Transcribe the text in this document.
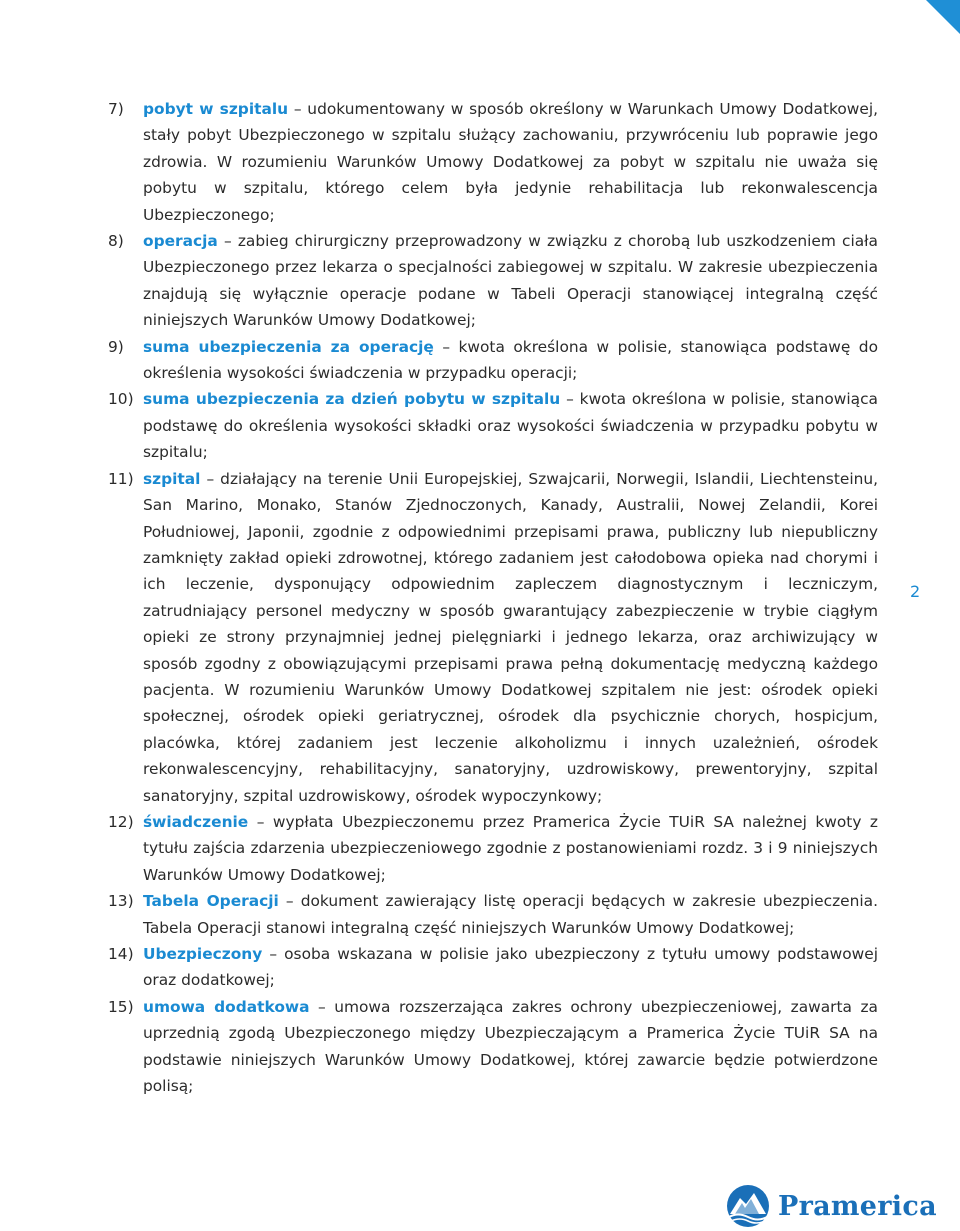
7)	pobyt w szpitalu – udokumentowany w sposób określony w Warunkach Umowy Dodatkowej, stały pobyt Ubezpieczonego w szpitalu służący zachowaniu, przywróceniu lub poprawie jego zdrowia. W rozumieniu Warunków Umowy Dodatkowej za pobyt w szpitalu nie uważa się pobytu w szpitalu, którego celem była jedynie rehabilitacja lub rekonwalescencja Ubezpieczonego;
8)	operacja – zabieg chirurgiczny przeprowadzony w związku z chorobą lub uszkodzeniem ciała Ubezpieczonego przez lekarza o specjalności zabiegowej w szpitalu. W zakresie ubezpieczenia znajdują się wyłącznie operacje podane w Tabeli Operacji stanowiącej integralną część niniejszych Warunków Umowy Dodatkowej;
9)	suma ubezpieczenia za operację – kwota określona w polisie, stanowiąca podstawę do określenia wysokości świadczenia w przypadku operacji;
10) suma ubezpieczenia za dzień pobytu w szpitalu – kwota określona w polisie, stanowiąca podstawę do określenia wysokości składki oraz wysokości świadczenia w przypadku pobytu w szpitalu;
11) szpital – działający na terenie Unii Europejskiej, Szwajcarii, Norwegii, Islandii, Liechtensteinu, San Marino, Monako, Stanów Zjednoczonych, Kanady, Australii, Nowej Zelandii, Korei Południowej, Japonii, zgodnie z odpowiednimi przepisami prawa, publiczny lub niepubliczny zamknięty zakład opieki zdrowotnej, którego zadaniem jest całodobowa opieka nad chorymi i ich leczenie, dysponujący odpowiednim zapleczem diagnostycznym i leczniczym, zatrudniający personel medyczny w sposób gwarantujący zabezpieczenie w trybie ciągłym opieki ze strony przynajmniej jednej pielęgniarki i jednego lekarza, oraz archiwizujący w sposób zgodny z obowiązującymi przepisami prawa pełną dokumentację medyczną każdego pacjenta. W rozumieniu Warunków Umowy Dodatkowej szpitalem nie jest: ośrodek opieki społecznej, ośrodek opieki geriatrycznej, ośrodek dla psychicznie chorych, hospicjum, placówka, której zadaniem jest leczenie alkoholizmu i innych uzależnień, ośrodek rekonwalescencyjny, rehabilitacyjny, sanatoryjny, uzdrowiskowy, prewentoryjny, szpital sanatoryjny, szpital uzdrowiskowy, ośrodek wypoczynkowy;
12) świadczenie – wypłata Ubezpieczonemu przez Pramerica Życie TUiR SA należnej kwoty z tytułu zajścia zdarzenia ubezpieczeniowego zgodnie z postanowieniami rozdz. 3 i 9 niniejszych Warunków Umowy Dodatkowej;
13) Tabela Operacji – dokument zawierający listę operacji będących w zakresie ubezpieczenia. Tabela Operacji stanowi integralną część niniejszych Warunków Umowy Dodatkowej;
14) Ubezpieczony – osoba wskazana w polisie jako ubezpieczony z tytułu umowy podstawowej oraz dodatkowej;
15) umowa dodatkowa – umowa rozszerzająca zakres ochrony ubezpieczeniowej, zawarta za uprzednią zgodą Ubezpieczonego między Ubezpieczającym a Pramerica Życie TUiR SA na podstawie niniejszych Warunków Umowy Dodatkowej, której zawarcie będzie potwierdzone polisą;
2
Pramerica
